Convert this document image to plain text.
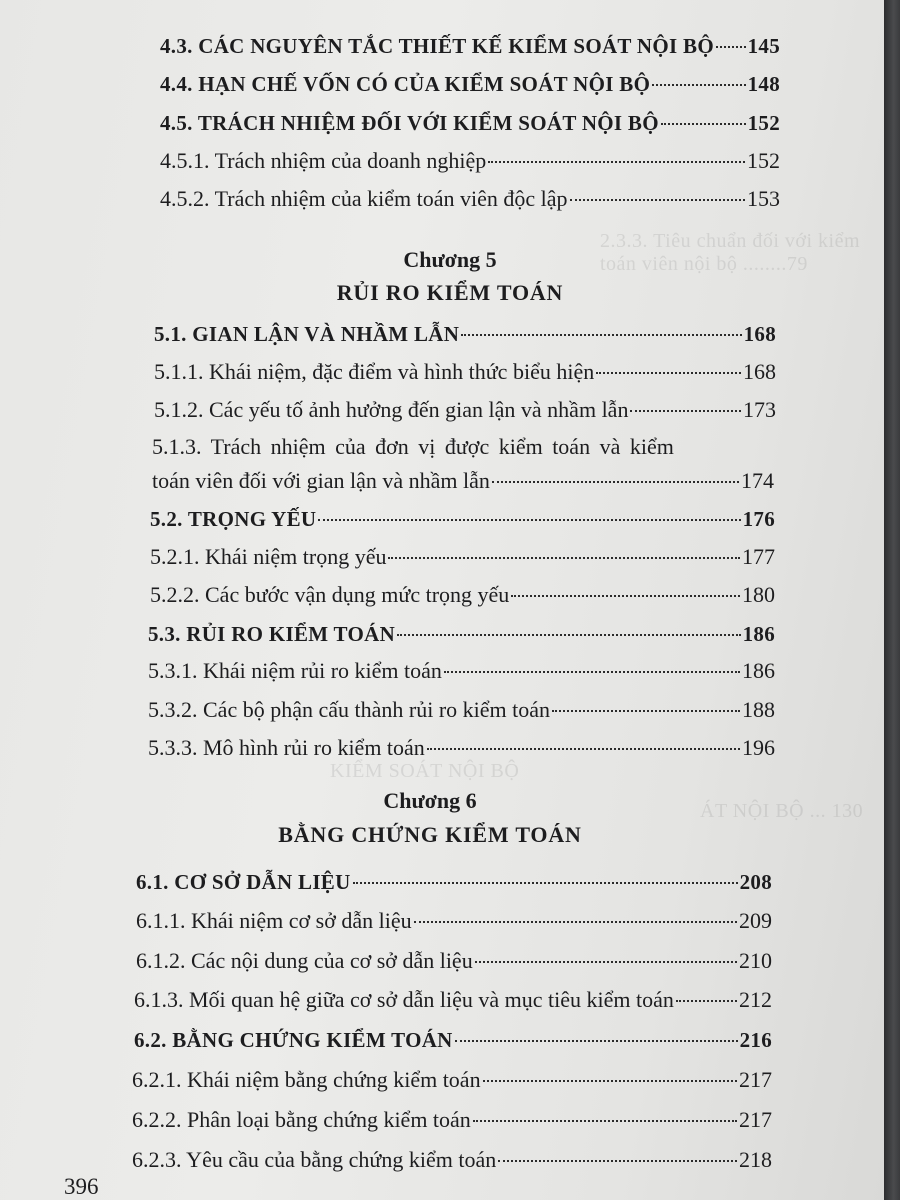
2.3.3. Tiêu chuẩn đối với kiểm toán viên nội bộ ........79
KIỂM SOÁT NỘI BỘ
ÁT NỘI BỘ ... 130
4.3. CÁC NGUYÊN TẮC THIẾT KẾ KIỂM SOÁT NỘI BỘ 145
4.4. HẠN CHẾ VỐN CÓ CỦA KIỂM SOÁT NỘI BỘ	148
4.5. TRÁCH NHIỆM ĐỐI VỚI KIỂM SOÁT NỘI BỘ	152
4.5.1. Trách nhiệm của doanh nghiệp	152
4.5.2. Trách nhiệm của kiểm toán viên độc lập	153
Chương 5
RỦI RO KIỂM TOÁN
5.1. GIAN LẬN VÀ NHẦM LẪN	168
5.1.1. Khái niệm, đặc điểm và hình thức biểu hiện	168
5.1.2. Các yếu tố ảnh hưởng đến gian lận và nhầm lẫn	173
5.1.3. Trách nhiệm của đơn vị được kiểm toán và kiểm
toán viên đối với gian lận và nhầm lẫn	174
5.2. TRỌNG YẾU	176
5.2.1. Khái niệm trọng yếu	177
5.2.2. Các bước vận dụng mức trọng yếu	180
5.3. RỦI RO KIỂM TOÁN	186
5.3.1. Khái niệm rủi ro kiểm toán	186
5.3.2. Các bộ phận cấu thành rủi ro kiểm toán	188
5.3.3. Mô hình rủi ro kiểm toán	196
Chương 6
BẰNG CHỨNG KIỂM TOÁN
6.1. CƠ SỞ DẪN LIỆU	208
6.1.1. Khái niệm cơ sở dẫn liệu	209
6.1.2. Các nội dung của cơ sở dẫn liệu	210
6.1.3. Mối quan hệ giữa cơ sở dẫn liệu và mục tiêu kiểm toán	212
6.2. BẰNG CHỨNG KIỂM TOÁN	216
6.2.1. Khái niệm bằng chứng kiểm toán	217
6.2.2. Phân loại bằng chứng kiểm toán	217
6.2.3. Yêu cầu của bằng chứng kiểm toán	218
396
